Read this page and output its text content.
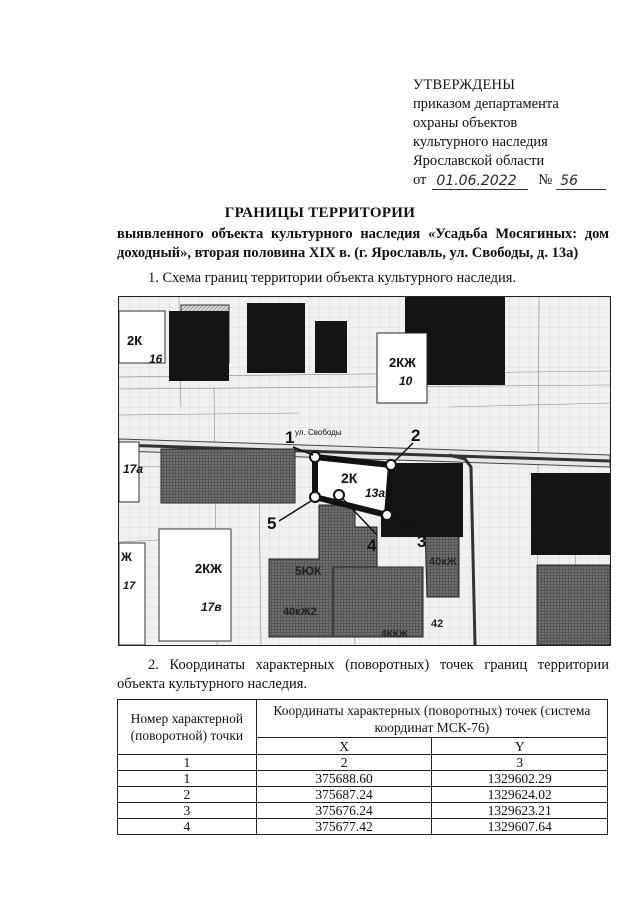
УТВЕРЖДЕНЫ
приказом департамента
охраны объектов
культурного наследия
Ярославской области
от 01.06.2022	№ 56
ГРАНИЦЫ ТЕРРИТОРИИ
выявленного объекта культурного наследия «Усадьба Мосягиных: дом доходный», вторая половина XIX в. (г. Ярославль, ул. Свободы, д. 13а)
1. Схема границ территории объекта культурного наследия.
2К
16	2КЖ
10
2К
13а
2КЖ
17в
17а
Ж
17
5ЮК
40кЖ
40кЖ2
4ККЖ
42
ул. Свободы
1	2
3
4
5
2. Координаты характерных (поворотных) точек границ территории объекта культурного наследия.
Номер характерной (поворотной) точки	Координаты характерных (поворотных) точек (система координат МСК-76)	
	X	Y
1	2	3
1	375688.60	1329602.29
2	375687.24	1329624.02
3	375676.24	1329623.21
4	375677.42	1329607.64
